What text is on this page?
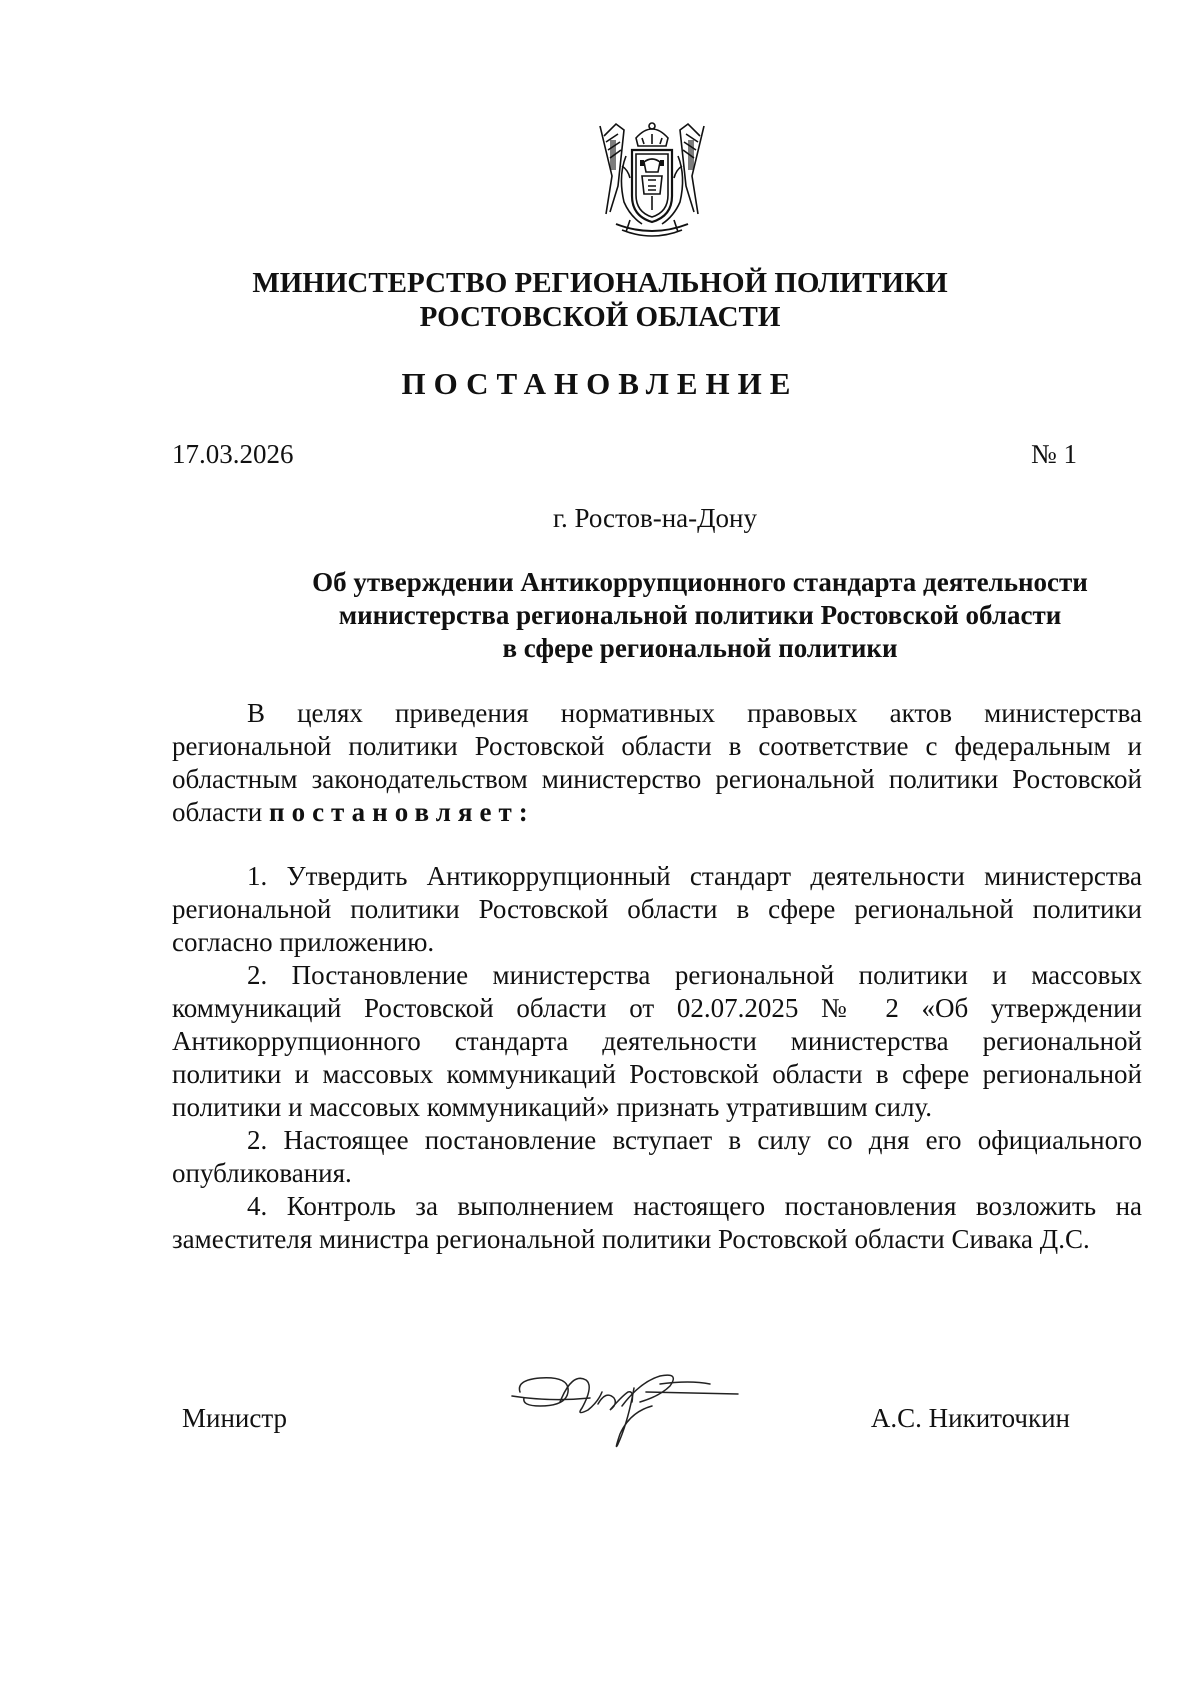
МИНИСТЕРСТВО РЕГИОНАЛЬНОЙ ПОЛИТИКИ
РОСТОВСКОЙ ОБЛАСТИ
ПОСТАНОВЛЕНИЕ
17.03.2026	№ 1
г. Ростов-на-Дону
Об утверждении Антикоррупционного стандарта деятельности
министерства региональной политики Ростовской области
в сфере региональной политики

В целях приведения нормативных правовых актов министерства региональной политики Ростовской области в соответствие с федеральным и областным законодательством министерство региональной политики Ростовской области постановляет:

1. Утвердить Антикоррупционный стандарт деятельности министерства региональной политики Ростовской области в сфере региональной политики согласно приложению.

2. Постановление министерства региональной политики и массовых коммуникаций Ростовской области от 02.07.2025 № 2 «Об утверждении Антикоррупционного стандарта деятельности министерства региональной политики и массовых коммуникаций Ростовской области в сфере региональной политики и массовых коммуникаций» признать утратившим силу.

2. Настоящее постановление вступает в силу со дня его официального опубликования.

4. Контроль за выполнением настоящего постановления возложить на заместителя министра региональной политики Ростовской области Сивака Д.С.

Министр	А.С. Никиточкин
